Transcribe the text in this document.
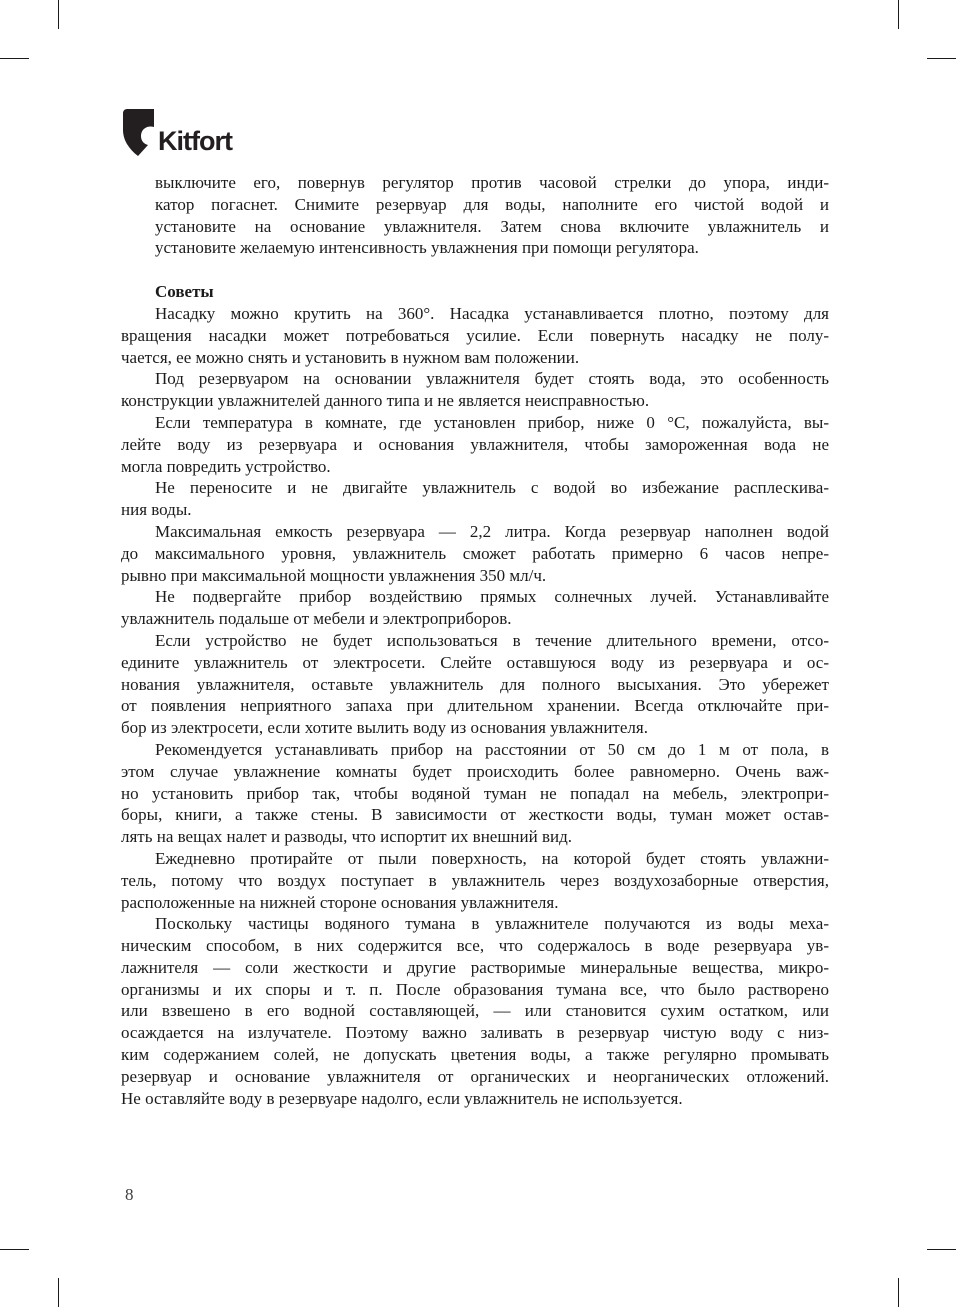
Kitfort
выключите его, повернув регулятор против часовой стрелки до упора, инди-
катор погаснет. Снимите резервуар для воды, наполните его чистой водой и
установите на основание увлажнителя. Затем снова включите увлажнитель и
установите желаемую интенсивность увлажнения при помощи регулятора.
Советы
Насадку можно крутить на 360°. Насадка устанавливается плотно, поэтому для
вращения насадки может потребоваться усилие. Если повернуть насадку не полу-
чается, ее можно снять и установить в нужном вам положении.
Под резервуаром на основании увлажнителя будет стоять вода, это особенность
конструкции увлажнителей данного типа и не является неисправностью.
Если температура в комнате, где установлен прибор, ниже 0 °C, пожалуйста, вы-
лейте воду из резервуара и основания увлажнителя, чтобы замороженная вода не
могла повредить устройство.
Не переносите и не двигайте увлажнитель с водой во избежание расплескива-
ния воды.
Максимальная емкость резервуара — 2,2 литра. Когда резервуар наполнен водой
до максимального уровня, увлажнитель сможет работать примерно 6 часов непре-
рывно при максимальной мощности увлажнения 350 мл/ч.
Не подвергайте прибор воздействию прямых солнечных лучей. Устанавливайте
увлажнитель подальше от мебели и электроприборов.
Если устройство не будет использоваться в течение длительного времени, отсо-
едините увлажнитель от электросети. Слейте оставшуюся воду из резервуара и ос-
нования увлажнителя, оставьте увлажнитель для полного высыхания. Это убережет
от появления неприятного запаха при длительном хранении. Всегда отключайте при-
бор из электросети, если хотите вылить воду из основания увлажнителя.
Рекомендуется устанавливать прибор на расстоянии от 50 см до 1 м от пола, в
этом случае увлажнение комнаты будет происходить более равномерно. Очень важ-
но установить прибор так, чтобы водяной туман не попадал на мебель, электропри-
боры, книги, а также стены. В зависимости от жесткости воды, туман может остав-
лять на вещах налет и разводы, что испортит их внешний вид.
Ежедневно протирайте от пыли поверхность, на которой будет стоять увлажни-
тель, потому что воздух поступает в увлажнитель через воздухозаборные отверстия,
расположенные на нижней стороне основания увлажнителя.
Поскольку частицы водяного тумана в увлажнителе получаются из воды меха-
ническим способом, в них содержится все, что содержалось в воде резервуара ув-
лажнителя — соли жесткости и другие растворимые минеральные вещества, микро-
организмы и их споры и т. п. После образования тумана все, что было растворено
или взвешено в его водной составляющей, — или становится сухим остатком, или
осаждается на излучателе. Поэтому важно заливать в резервуар чистую воду с низ-
ким содержанием солей, не допускать цветения воды, а также регулярно промывать
резервуар и основание увлажнителя от органических и неорганических отложений.
Не оставляйте воду в резервуаре надолго, если увлажнитель не используется.
8
